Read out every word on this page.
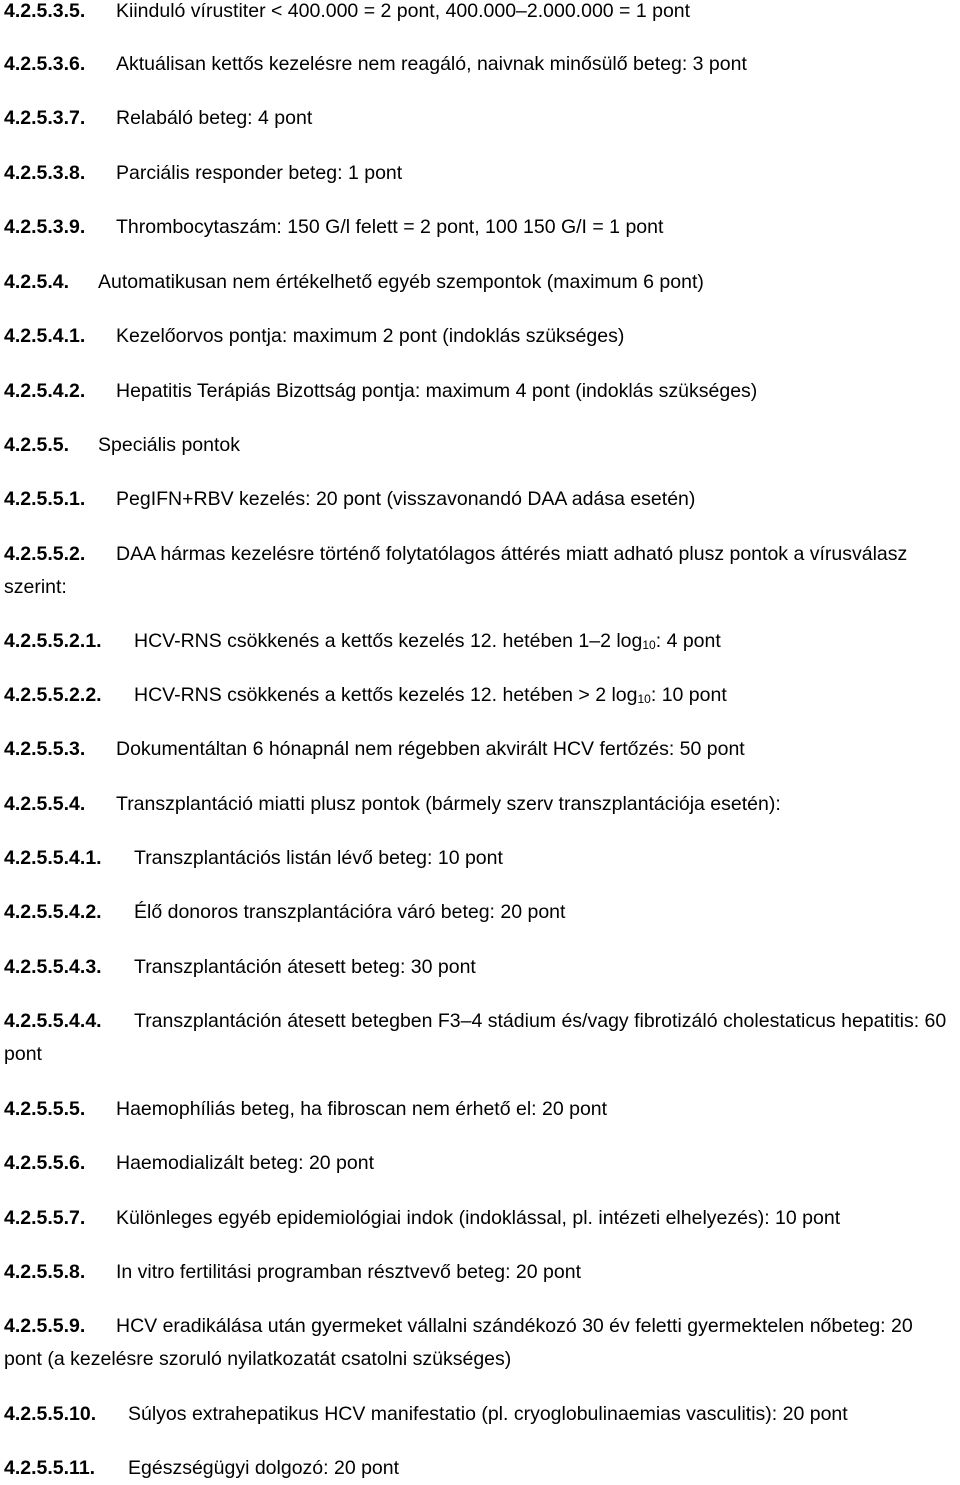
4.2.5.3.5. Kiinduló vírustiter < 400.000 = 2 pont, 400.000–2.000.000 = 1 pont
4.2.5.3.6. Aktuálisan kettős kezelésre nem reagáló, naivnak minősülő beteg: 3 pont
4.2.5.3.7. Relabáló beteg: 4 pont
4.2.5.3.8. Parciális responder beteg: 1 pont
4.2.5.3.9. Thrombocytaszám: 150 G/l felett = 2 pont, 100 150 G/I = 1 pont
4.2.5.4. Automatikusan nem értékelhető egyéb szempontok (maximum 6 pont)
4.2.5.4.1. Kezelőorvos pontja: maximum 2 pont (indoklás szükséges)
4.2.5.4.2. Hepatitis Terápiás Bizottság pontja: maximum 4 pont (indoklás szükséges)
4.2.5.5. Speciális pontok
4.2.5.5.1. PegIFN+RBV kezelés: 20 pont (visszavonandó DAA adása esetén)
4.2.5.5.2. DAA hármas kezelésre történő folytatólagos áttérés miatt adható plusz pontok a vírusválasz szerint:
4.2.5.5.2.1. HCV-RNS csökkenés a kettős kezelés 12. hetében 1–2 $\log_{10}$: 4 pont
4.2.5.5.2.2. HCV-RNS csökkenés a kettős kezelés 12. hetében > 2 $\log_{10}$: 10 pont
4.2.5.5.3. Dokumentáltan 6 hónapnál nem régebben akvirált HCV fertőzés: 50 pont
4.2.5.5.4. Transzplantáció miatti plusz pontok (bármely szerv transzplantációja esetén):
4.2.5.5.4.1. Transzplantációs listán lévő beteg: 10 pont
4.2.5.5.4.2. Élő donoros transzplantációra váró beteg: 20 pont
4.2.5.5.4.3. Transzplantáción átesett beteg: 30 pont
4.2.5.5.4.4. Transzplantáción átesett betegben F3–4 stádium és/vagy fibrotizáló cholestaticus hepatitis: 60 pont
4.2.5.5.5. Haemophíliás beteg, ha fibroscan nem érhető el: 20 pont
4.2.5.5.6. Haemodializált beteg: 20 pont
4.2.5.5.7. Különleges egyéb epidemiológiai indok (indoklással, pl. intézeti elhelyezés): 10 pont
4.2.5.5.8. In vitro fertilitási programban résztvevő beteg: 20 pont
4.2.5.5.9. HCV eradikálása után gyermeket vállalni szándékozó 30 év feletti gyermektelen nőbeteg: 20 pont (a kezelésre szoruló nyilatkozatát csatolni szükséges)
4.2.5.5.10. Súlyos extrahepatikus HCV manifestatio (pl. cryoglobulinaemias vasculitis): 20 pont
4.2.5.5.11. Egészségügyi dolgozó: 20 pont
